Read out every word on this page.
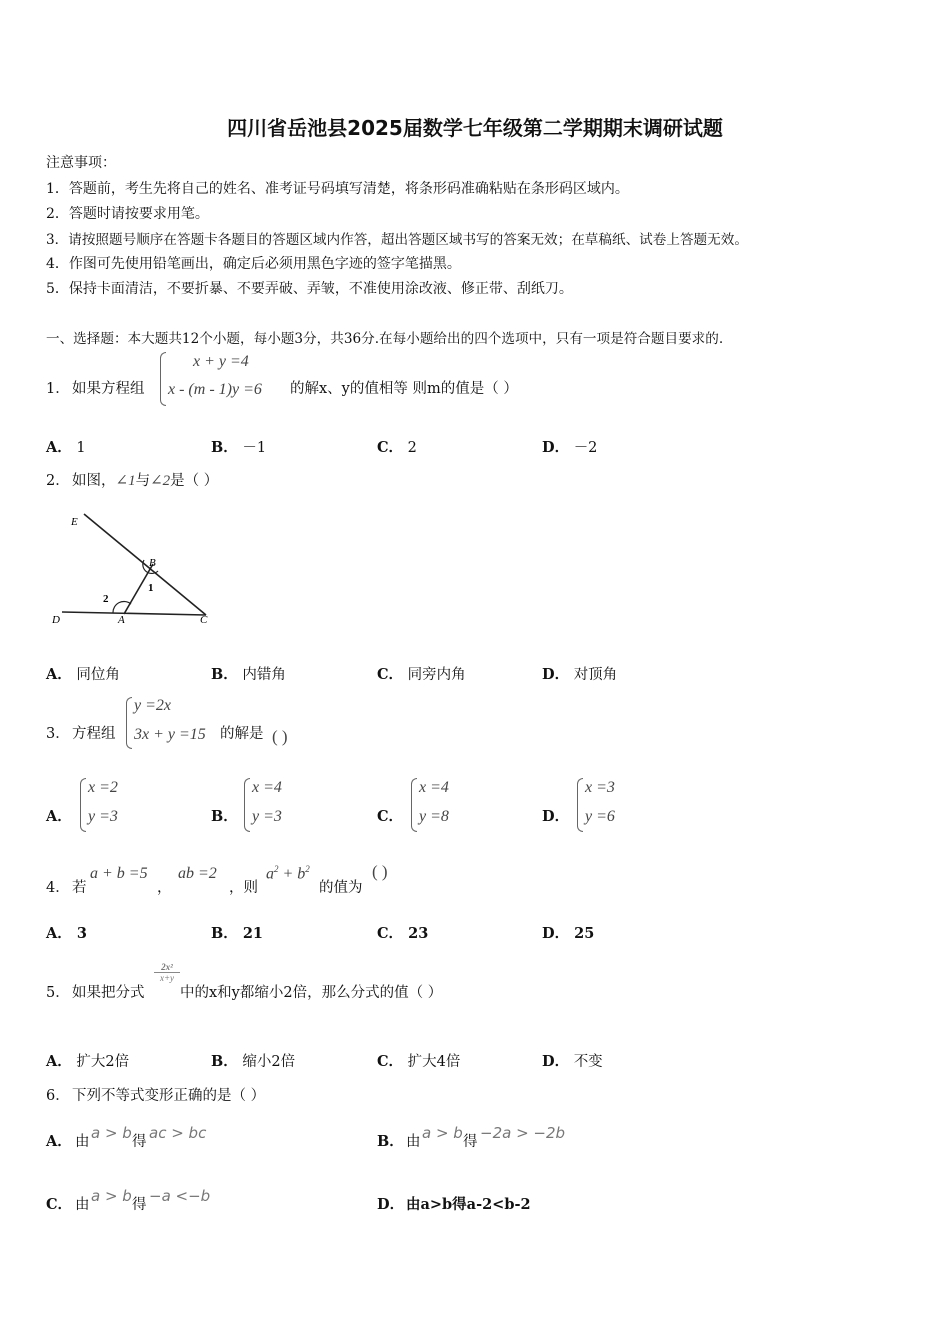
四川省岳池县2025届数学七年级第二学期期末调研试题
注意事项：
1．答题前，考生先将自己的姓名、准考证号码填写清楚，将条形码准确粘贴在条形码区域内。
2．答题时请按要求用笔。
3．请按照题号顺序在答题卡各题目的答题区域内作答，超出答题区域书写的答案无效；在草稿纸、试卷上答题无效。
4．作图可先使用铅笔画出，确定后必须用黑色字迹的签字笔描黑。
5．保持卡面清洁，不要折暴、不要弄破、弄皱，不准使用涂改液、修正带、刮纸刀。
一、选择题：本大题共12个小题，每小题3分，共36分.在每小题给出的四个选项中，只有一项是符合题目要求的.
1． 如果方程组
x + y =4
x - (m - 1)y =6 的解x、y的值相等 则m的值是（ ）
A． 1	B． －1	C． 2	D． －2
2． 如图，∠1与∠2是（ ）
E
B
D	A	C
1
2
A． 同位角	B． 内错角	C． 同旁内角	D． 对顶角
3． 方程组
y =2x
3x + y =15 的解是 ( )
A．
x =2
y =3	B．
x =4
y =3	C．
x =4
y =8	D．
x =3
y =6
4． 若
a + b =5
，
ab =2
，则
$a^2 + b^2$
的值为
( )
A． 3	B． 21	C． 23	D． 25
5． 如果把分式
$\frac{\text{2x²}}{x+y}$
中的x和y都缩小2倍，那么分式的值（ ）
A． 扩大2倍	B． 缩小2倍	C． 扩大4倍	D． 不变
6． 下列不等式变形正确的是（ ）
A． 由 a > b 得 ac > bc	B． 由 a > b 得 −2a > −2b
C． 由 a > b 得 −a <−b	D． 由a>b得a-2<b-2
